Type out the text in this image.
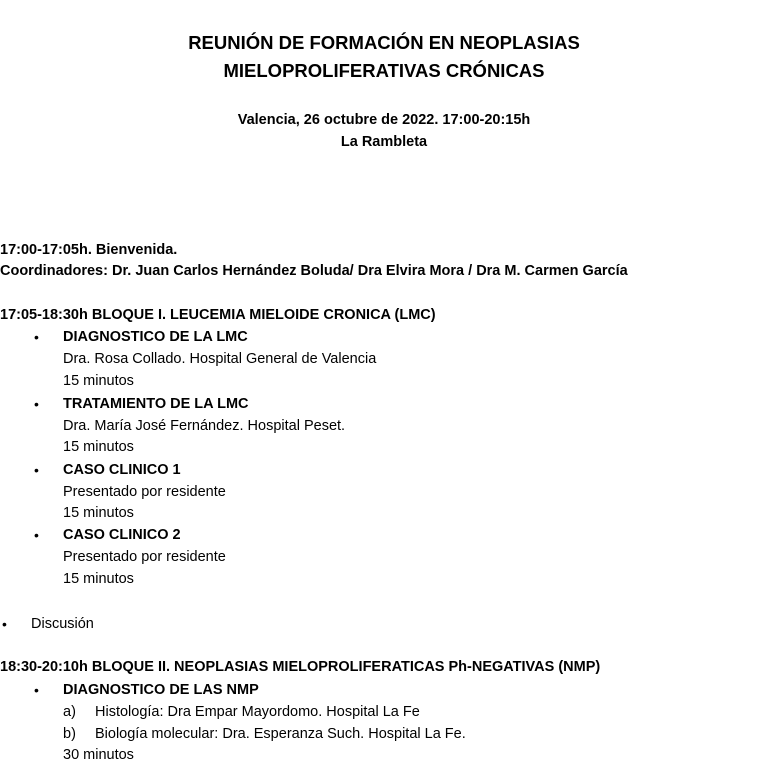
REUNIÓN DE FORMACIÓN EN NEOPLASIAS
MIELOPROLIFERATIVAS CRÓNICAS
Valencia, 26 octubre de 2022. 17:00-20:15h
La Rambleta
17:00-17:05h. Bienvenida.
Coordinadores: Dr. Juan Carlos Hernández Boluda/ Dra Elvira Mora / Dra M. Carmen García
17:05-18:30h BLOQUE I. LEUCEMIA MIELOIDE CRONICA (LMC)
• DIAGNOSTICO DE LA LMC
Dra. Rosa Collado. Hospital General de Valencia
15 minutos
• TRATAMIENTO DE LA LMC
Dra. María José Fernández. Hospital Peset.
15 minutos
• CASO CLINICO 1
Presentado por residente
15 minutos
• CASO CLINICO 2
Presentado por residente
15 minutos
• Discusión
18:30-20:10h BLOQUE II. NEOPLASIAS MIELOPROLIFERATICAS Ph-NEGATIVAS (NMP)
• DIAGNOSTICO DE LAS NMP
a) Histología: Dra Empar Mayordomo. Hospital La Fe
b) Biología molecular: Dra. Esperanza Such. Hospital La Fe.
30 minutos
